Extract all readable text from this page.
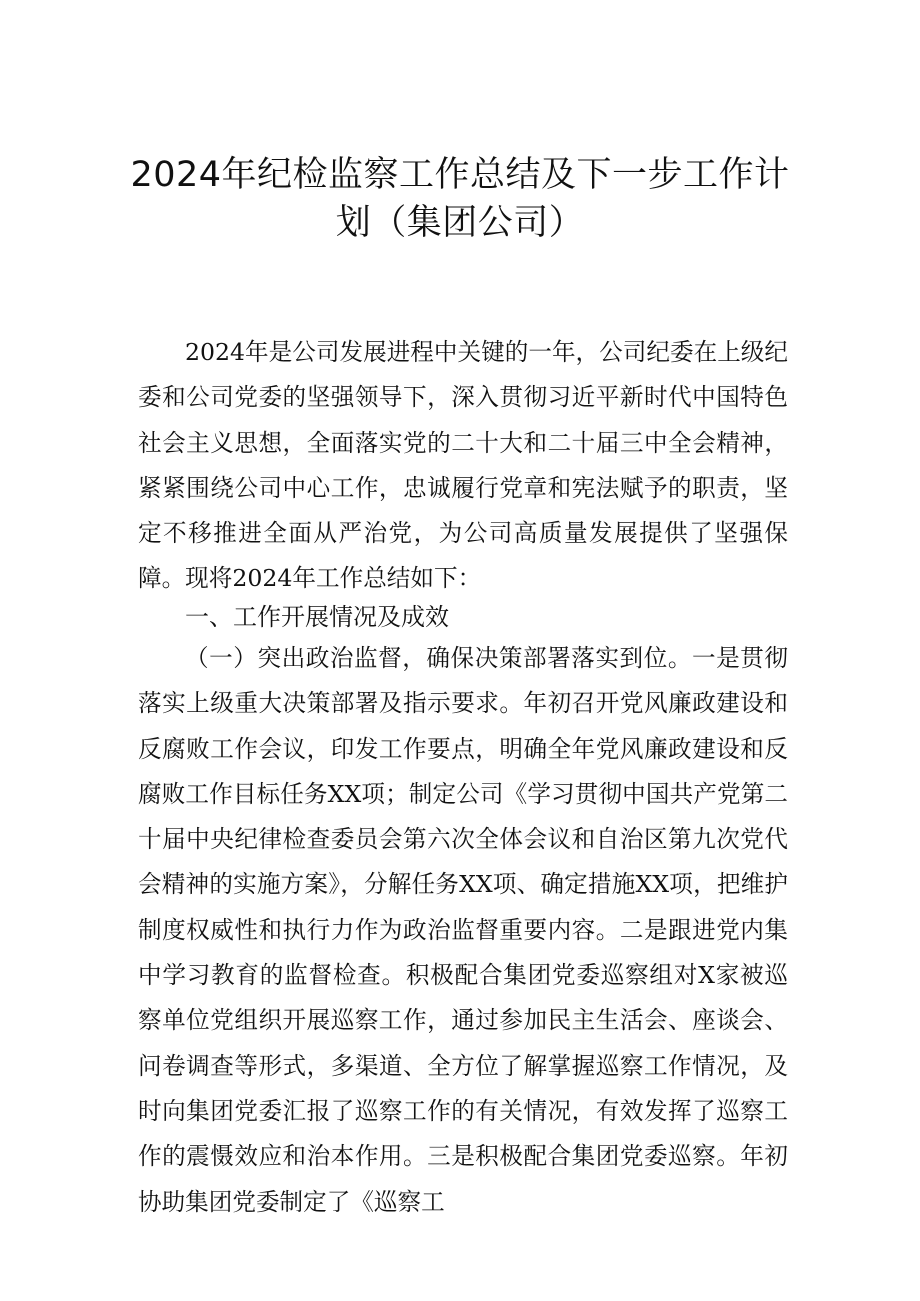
2024年纪检监察工作总结及下一步工作计
划（集团公司）
2024年是公司发展进程中关键的一年，公司纪委在上级纪委和公司党委的坚强领导下，深入贯彻习近平新时代中国特色社会主义思想，全面落实党的二十大和二十届三中全会精神，紧紧围绕公司中心工作，忠诚履行党章和宪法赋予的职责，坚定不移推进全面从严治党，为公司高质量发展提供了坚强保障。现将2024年工作总结如下：
一、工作开展情况及成效
（一）突出政治监督，确保决策部署落实到位。一是贯彻落实上级重大决策部署及指示要求。年初召开党风廉政建设和反腐败工作会议，印发工作要点，明确全年党风廉政建设和反腐败工作目标任务XX项；制定公司《学习贯彻中国共产党第二十届中央纪律检查委员会第六次全体会议和自治区第九次党代会精神的实施方案》，分解任务XX项、确定措施XX项，把维护制度权威性和执行力作为政治监督重要内容。二是跟进党内集中学习教育的监督检查。积极配合集团党委巡察组对X家被巡察单位党组织开展巡察工作，通过参加民主生活会、座谈会、问卷调查等形式，多渠道、全方位了解掌握巡察工作情况，及时向集团党委汇报了巡察工作的有关情况，有效发挥了巡察工作的震慑效应和治本作用。三是积极配合集团党委巡察。年初协助集团党委制定了《巡察工
